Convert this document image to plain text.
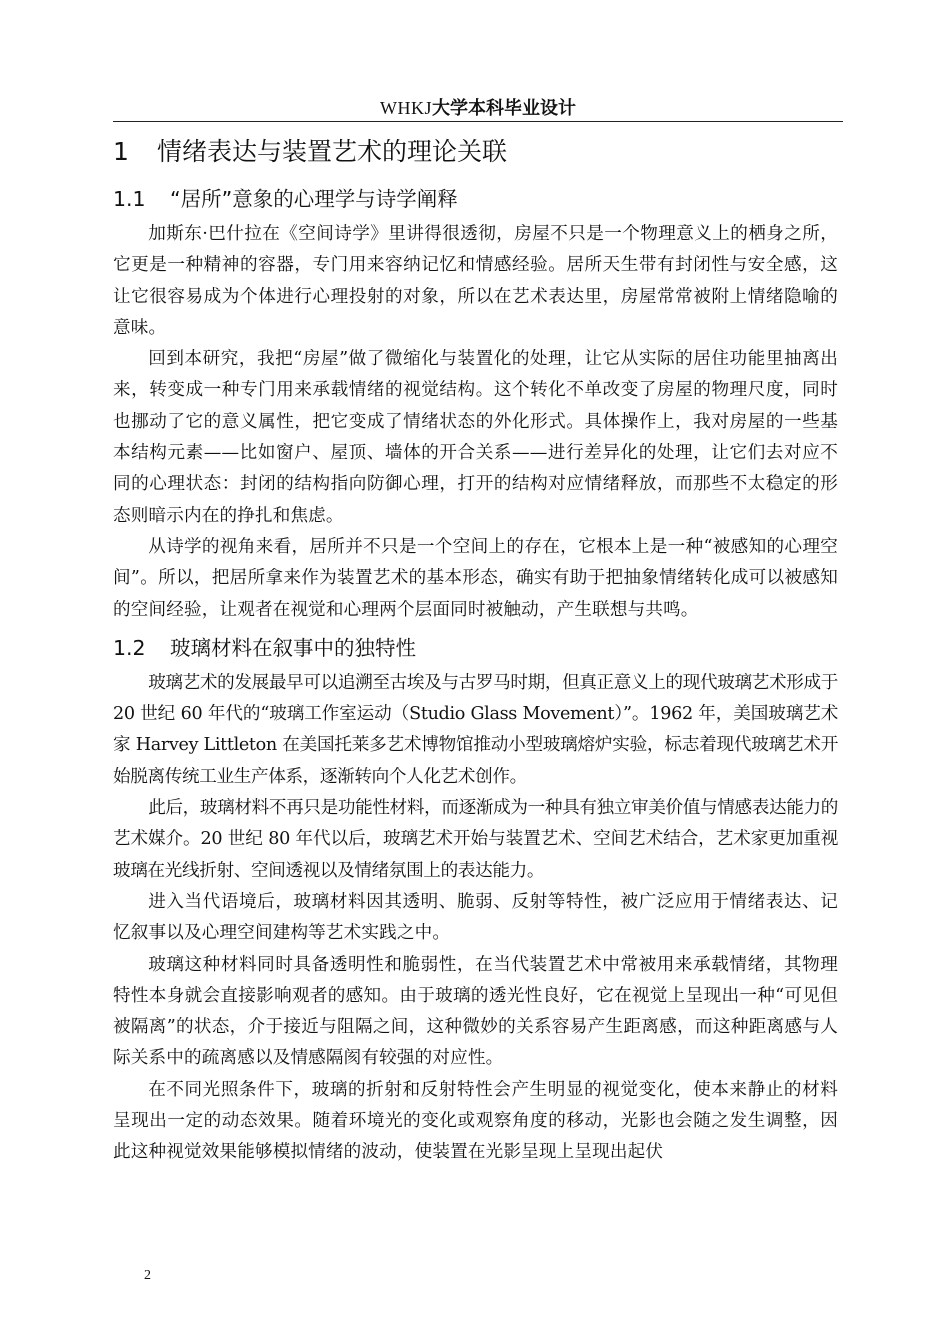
WHKJ大学本科毕业设计
1 情绪表达与装置艺术的理论关联
1.1 “居所”意象的心理学与诗学阐释

加斯东·巴什拉在《空间诗学》里讲得很透彻，房屋不只是一个物理意义上的栖身之所，它更是一种精神的容器，专门用来容纳记忆和情感经验。居所天生带有封闭性与安全感，这让它很容易成为个体进行心理投射的对象，所以在艺术表达里，房屋常常被附上情绪隐喻的意味。

回到本研究，我把“房屋”做了微缩化与装置化的处理，让它从实际的居住功能里抽离出来，转变成一种专门用来承载情绪的视觉结构。这个转化不单改变了房屋的物理尺度，同时也挪动了它的意义属性，把它变成了情绪状态的外化形式。具体操作上，我对房屋的一些基本结构元素——比如窗户、屋顶、墙体的开合关系——进行差异化的处理，让它们去对应不同的心理状态：封闭的结构指向防御心理，打开的结构对应情绪释放，而那些不太稳定的形态则暗示内在的挣扎和焦虑。

从诗学的视角来看，居所并不只是一个空间上的存在，它根本上是一种“被感知的心理空间”。所以，把居所拿来作为装置艺术的基本形态，确实有助于把抽象情绪转化成可以被感知的空间经验，让观者在视觉和心理两个层面同时被触动，产生联想与共鸣。

1.2 玻璃材料在叙事中的独特性

玻璃艺术的发展最早可以追溯至古埃及与古罗马时期，但真正意义上的现代玻璃艺术形成于 20 世纪 60 年代的“玻璃工作室运动（Studio Glass Movement）”。1962 年，美国玻璃艺术家 Harvey Littleton 在美国托莱多艺术博物馆推动小型玻璃熔炉实验，标志着现代玻璃艺术开始脱离传统工业生产体系，逐渐转向个人化艺术创作。

此后，玻璃材料不再只是功能性材料，而逐渐成为一种具有独立审美价值与情感表达能力的艺术媒介。20 世纪 80 年代以后，玻璃艺术开始与装置艺术、空间艺术结合，艺术家更加重视玻璃在光线折射、空间透视以及情绪氛围上的表达能力。

进入当代语境后，玻璃材料因其透明、脆弱、反射等特性，被广泛应用于情绪表达、记忆叙事以及心理空间建构等艺术实践之中。

玻璃这种材料同时具备透明性和脆弱性，在当代装置艺术中常被用来承载情绪，其物理特性本身就会直接影响观者的感知。由于玻璃的透光性良好，它在视觉上呈现出一种“可见但被隔离”的状态，介于接近与阻隔之间，这种微妙的关系容易产生距离感，而这种距离感与人际关系中的疏离感以及情感隔阂有较强的对应性。

在不同光照条件下，玻璃的折射和反射特性会产生明显的视觉变化，使本来静止的材料呈现出一定的动态效果。随着环境光的变化或观察角度的移动，光影也会随之发生调整，因此这种视觉效果能够模拟情绪的波动，使装置在光影呈现上呈现出起伏

2
